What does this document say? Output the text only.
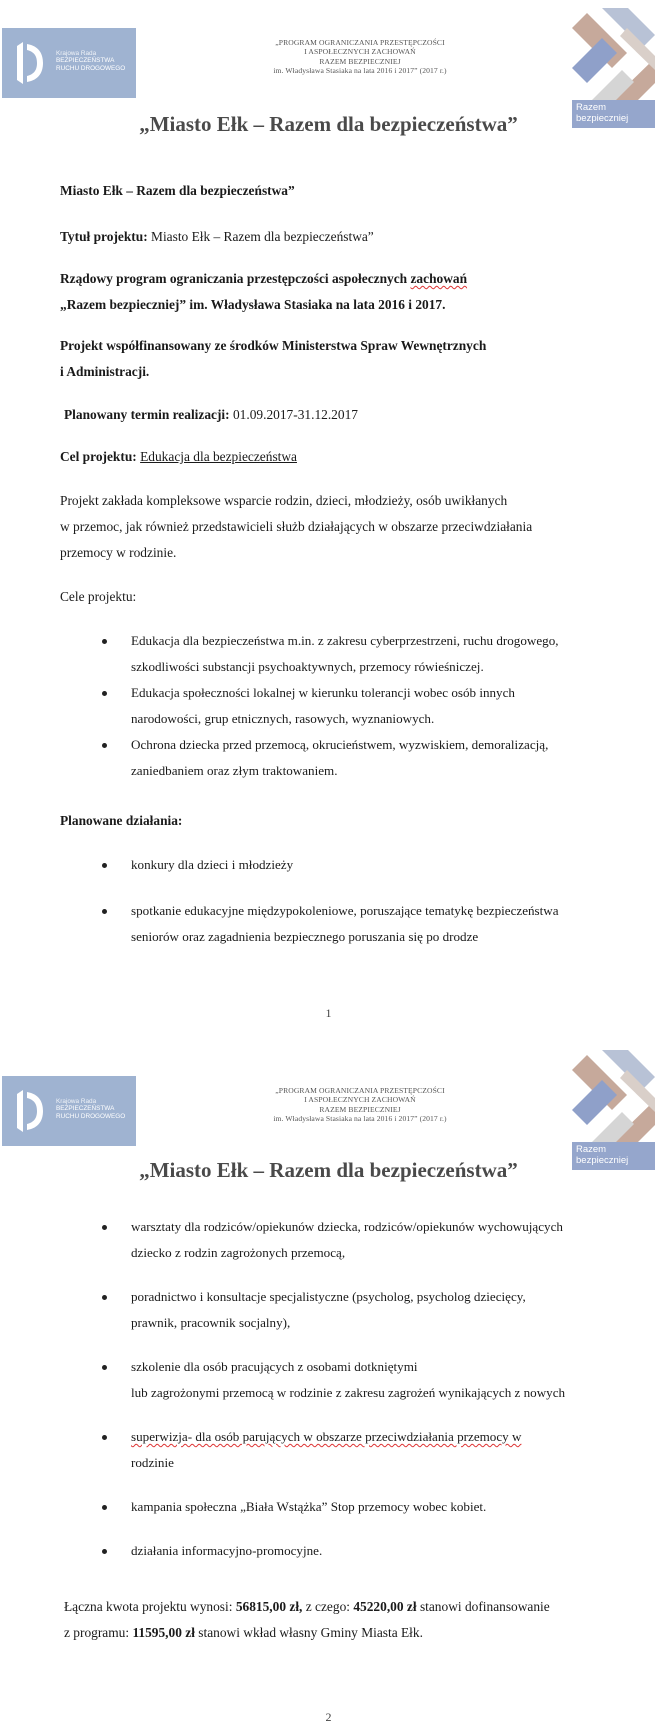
Krajowa Rada
BEZPIECZEŃSTWA
RUCHU DROGOWEGO
„PROGRAM OGRANICZANIA PRZESTĘPCZOŚCI
I ASPOŁECZNYCH ZACHOWAŃ
RAZEM BEZPIECZNIEJ
im. Władysława Stasiaka na lata 2016 i 2017” (2017 r.)
Razem
bezpieczniej
„Miasto Ełk – Razem dla bezpieczeństwa”
Miasto Ełk – Razem dla bezpieczeństwa”
Tytuł projektu: Miasto Ełk – Razem dla bezpieczeństwa”
Rządowy program ograniczania przestępczości aspołecznych zachowań
„Razem bezpieczniej” im. Władysława Stasiaka na lata 2016 i 2017.
Projekt współfinansowany ze środków Ministerstwa Spraw Wewnętrznych
i Administracji.
Planowany termin realizacji: 01.09.2017-31.12.2017
Cel projektu: Edukacja dla bezpieczeństwa
Projekt zakłada kompleksowe wsparcie rodzin, dzieci, młodzieży, osób uwikłanych
w przemoc, jak również przedstawicieli służb działających w obszarze przeciwdziałania
przemocy w rodzinie.
Cele projektu:
Edukacja dla bezpieczeństwa m.in. z zakresu cyberprzestrzeni, ruchu drogowego,
szkodliwości substancji psychoaktywnych, przemocy rówieśniczej.
Edukacja społeczności lokalnej w kierunku tolerancji wobec osób innych
narodowości, grup etnicznych, rasowych, wyznaniowych.
Ochrona dziecka przed przemocą, okrucieństwem, wyzwiskiem, demoralizacją,
zaniedbaniem oraz złym traktowaniem.
Planowane działania:
konkury dla dzieci i młodzieży
spotkanie edukacyjne międzypokoleniowe, poruszające tematykę bezpieczeństwa
seniorów oraz zagadnienia bezpiecznego poruszania się po drodze
1
Krajowa Rada
BEZPIECZEŃSTWA
RUCHU DROGOWEGO
„PROGRAM OGRANICZANIA PRZESTĘPCZOŚCI
I ASPOŁECZNYCH ZACHOWAŃ
RAZEM BEZPIECZNIEJ
im. Władysława Stasiaka na lata 2016 i 2017” (2017 r.)
Razem
bezpieczniej
„Miasto Ełk – Razem dla bezpieczeństwa”
warsztaty dla rodziców/opiekunów dziecka, rodziców/opiekunów wychowujących
dziecko z rodzin zagrożonych przemocą,
poradnictwo i konsultacje specjalistyczne (psycholog, psycholog dziecięcy,
prawnik, pracownik socjalny),
szkolenie dla osób pracujących z osobami dotkniętymi
lub zagrożonymi przemocą w rodzinie z zakresu zagrożeń wynikających z nowych
superwizja- dla osób parujących w obszarze przeciwdziałania przemocy w
rodzinie
kampania społeczna „Biała Wstążka” Stop przemocy wobec kobiet.
działania informacyjno-promocyjne.
Łączna kwota projektu wynosi: 56815,00 zł, z czego: 45220,00 zł stanowi dofinansowanie
z programu: 11595,00 zł stanowi wkład własny Gminy Miasta Ełk.
2
